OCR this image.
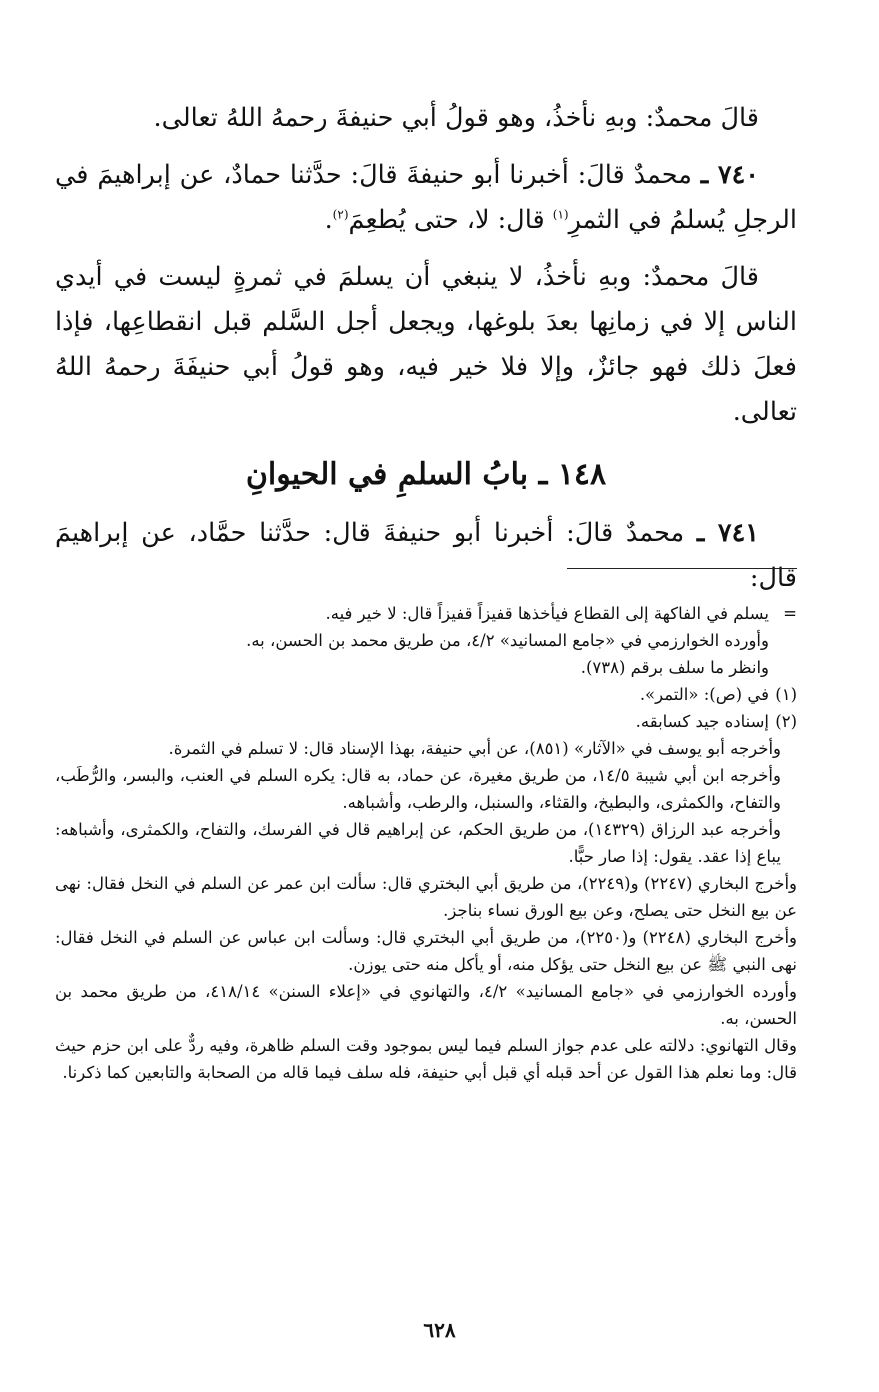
قالَ محمدٌ: وبهِ نأخذُ، وهو قولُ أبي حنيفةَ رحمهُ اللهُ تعالى.

٧٤٠ ـ محمدٌ قالَ: أخبرنا أبو حنيفةَ قالَ: حدَّثنا حمادٌ، عن إبراهيمَ في الرجلِ يُسلمُ في الثمرِ$^{(١)}$ قال: لا، حتى يُطعِمَ$^{(٢)}$.

قالَ محمدٌ: وبهِ نأخذُ، لا ينبغي أن يسلمَ في ثمرةٍ ليست في أيدي الناس إلا في زمانِها بعدَ بلوغها، ويجعل أجل السَّلم قبل انقطاعِها، فإذا فعلَ ذلك فهو جائزٌ، وإلا فلا خير فيه، وهو قولُ أبي حنيفَةَ رحمهُ اللهُ تعالى.

١٤٨ ـ بابُ السلمِ في الحيوانِ

٧٤١ ـ محمدٌ قالَ: أخبرنا أبو حنيفةَ قال: حدَّثنا حمَّاد، عن إبراهيمَ قال:

=يسلم في الفاكهة إلى القطاع فيأخذها قفيزاً قفيزاً قال: لا خير فيه.

وأورده الخوارزمي في «جامع المسانيد» ٤/٢، من طريق محمد بن الحسن، به.

وانظر ما سلف برقم (٧٣٨).

(١)في (ص): «التمر».

(٢)إسناده جيد كسابقه.

وأخرجه أبو يوسف في «الآثار» (٨٥١)، عن أبي حنيفة، بهذا الإسناد قال: لا تسلم في الثمرة.

وأخرجه ابن أبي شيبة ١٤/٥، من طريق مغيرة، عن حماد، به قال: يكره السلم في العنب، والبسر، والرُّطَب، والتفاح، والكمثرى، والبطيخ، والقثاء، والسنبل، والرطب، وأشباهه.

وأخرجه عبد الرزاق (١٤٣٢٩)، من طريق الحكم، عن إبراهيم قال في الفرسك، والتفاح، والكمثرى، وأشباهه: يباع إذا عقد. يقول: إذا صار حبًّا.

وأخرج البخاري (٢٢٤٧) و(٢٢٤٩)، من طريق أبي البختري قال: سألت ابن عمر عن السلم في النخل فقال: نهى عن بيع النخل حتى يصلح، وعن بيع الورق نساء بناجز.

وأخرج البخاري (٢٢٤٨) و(٢٢٥٠)، من طريق أبي البختري قال: وسألت ابن عباس عن السلم في النخل فقال: نهى النبي ﷺ عن بيع النخل حتى يؤكل منه، أو يأكل منه حتى يوزن.

وأورده الخوارزمي في «جامع المسانيد» ٤/٢، والتهانوي في «إعلاء السنن» ٤١٨/١٤، من طريق محمد بن الحسن، به.

وقال التهانوي: دلالته على عدم جواز السلم فيما ليس بموجود وقت السلم ظاهرة، وفيه ردٌّ على ابن حزم حيث قال: وما نعلم هذا القول عن أحد قبله أي قبل أبي حنيفة، فله سلف فيما قاله من الصحابة والتابعين كما ذكرنا.

٦٢٨
